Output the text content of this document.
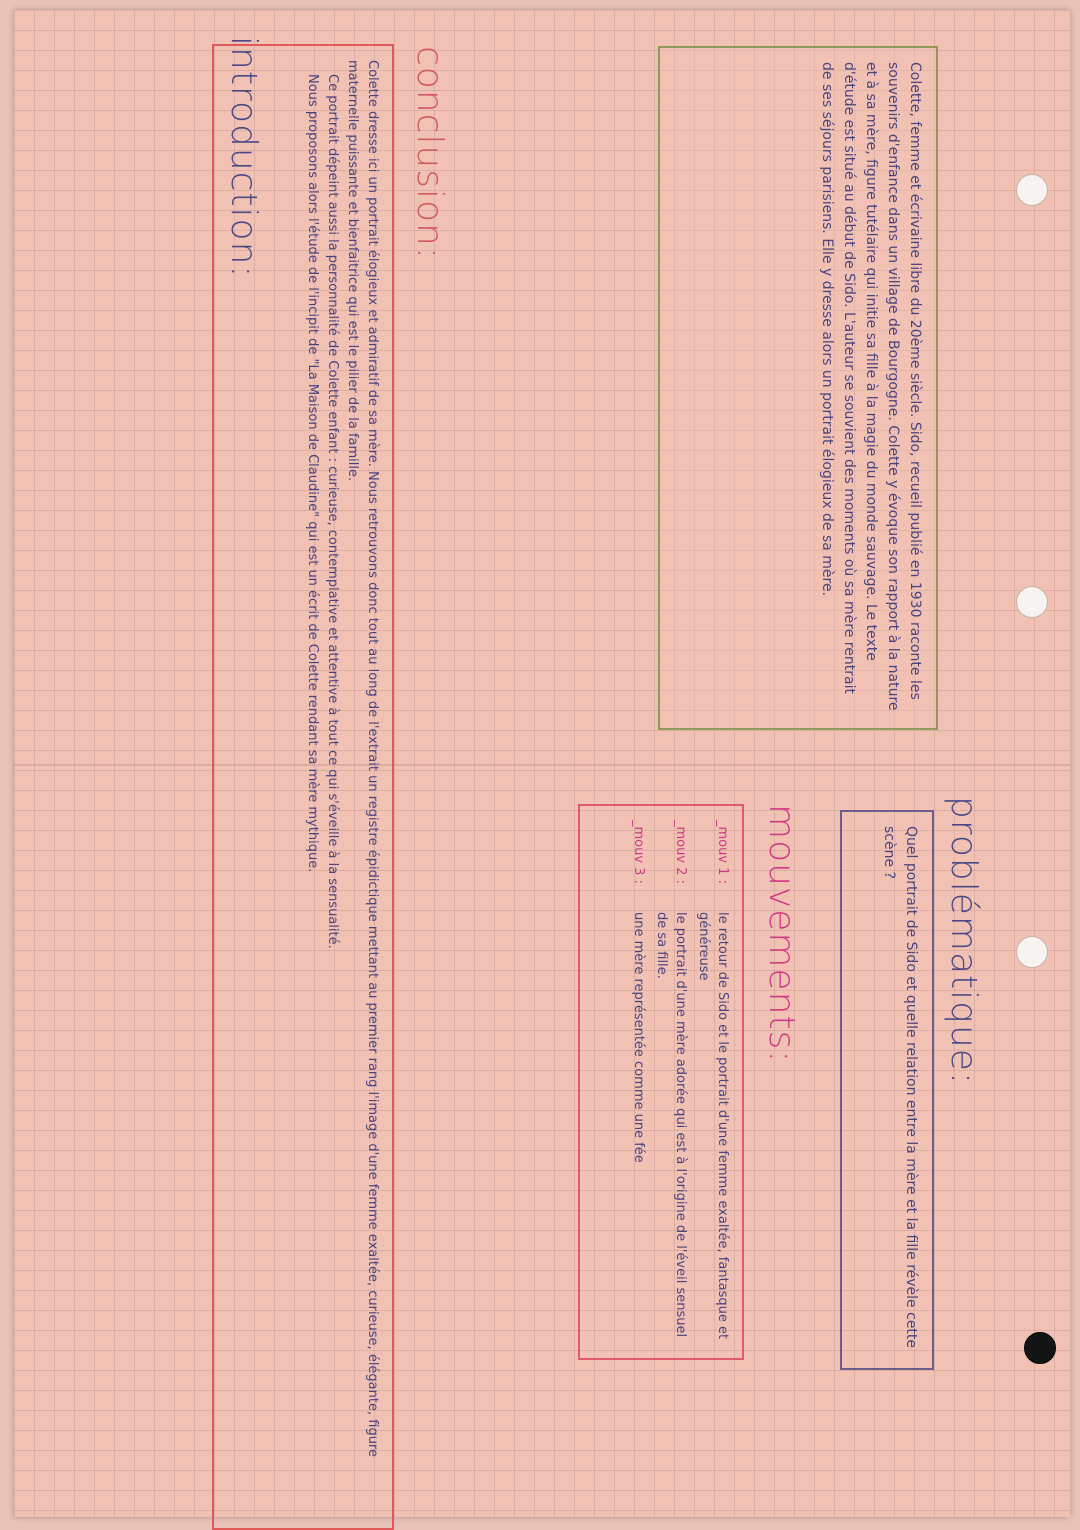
introduction:	Colette, femme et écrivaine libre du 20ème siècle. Sido, recueil publié en 1930 raconte les souvenirs d'enfance dans un village de Bourgogne. Colette y évoque son rapport à la nature et à sa mère, figure tutélaire qui initie sa fille à la magie du monde sauvage. Le texte d'étude est situé au début de Sido. L'auteur se souvient des moments où sa mère rentrait de ses séjours parisiens. Elle y dresse alors un portrait élogieux de sa mère.

conclusion:
Colette dresse ici un portrait élogieux et admiratif de sa mère. Nous retrouvons donc tout au long de l'extrait un registre épidictique mettant au premier rang l'image d'une femme exaltée, curieuse, élégante, figure maternelle puissante et bienfaitrice qui est le pilier de la famille.
Ce portrait dépeint aussi la personnalité de Colette enfant : curieuse, contemplative et attentive à tout ce qui s'éveille à la sensualité.
Nous proposons alors l'étude de l'incipit de "La Maison de Claudine" qui est un écrit de Colette rendant sa mère mythique.
problématique:

Quel portrait de Sido et quelle relation entre la mère et la fille révèle cette scène ?

mouvements:
_mouv 1 :
le retour de Sido et le portrait d'une femme exaltée, fantasque et généreuse
_mouv 2 :
le portrait d'une mère adorée qui est à l'origine de l'éveil sensuel de sa fille.
_mouv 3 :
une mère représentée comme une fée
